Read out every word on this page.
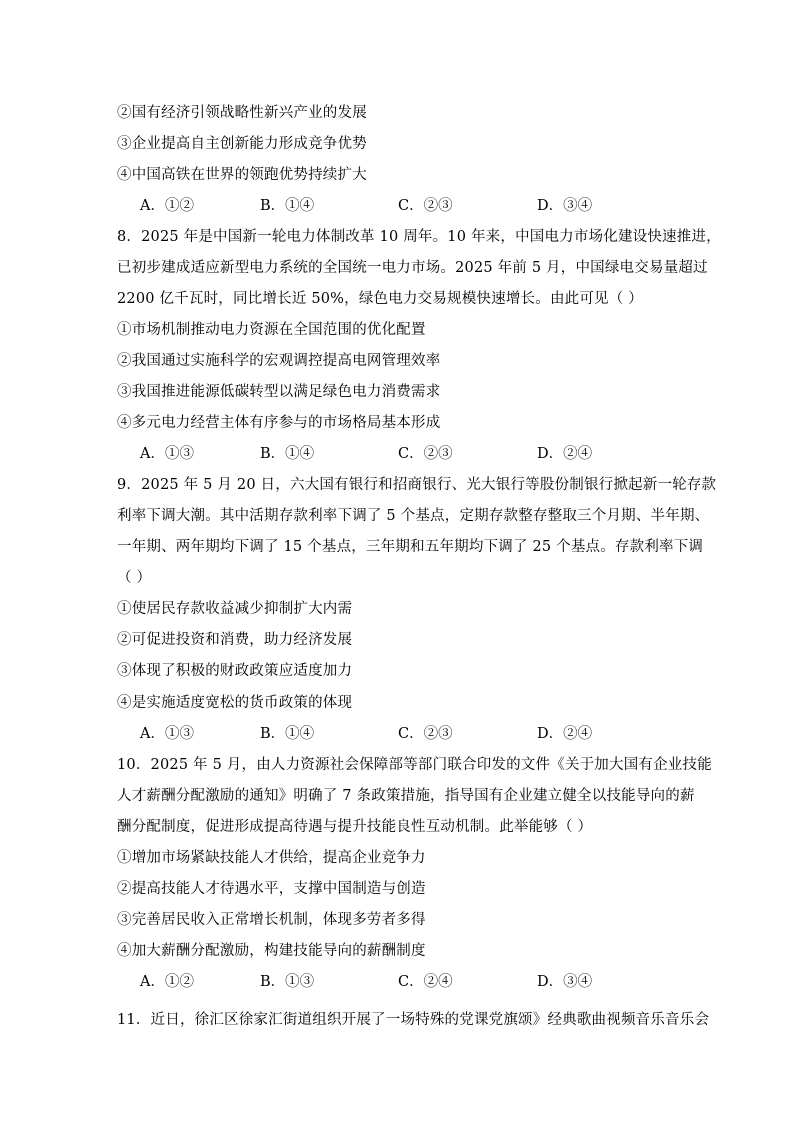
②国有经济引领战略性新兴产业的发展
③企业提高自主创新能力形成竞争优势
④中国高铁在世界的领跑优势持续扩大
A．①②	B．①④	C．②③	D．③④
8．2025 年是中国新一轮电力体制改革 10 周年。10 年来，中国电力市场化建设快速推进，
已初步建成适应新型电力系统的全国统一电力市场。2025 年前 5 月，中国绿电交易量超过
2200 亿千瓦时，同比增长近 50%，绿色电力交易规模快速增长。由此可见（ ）
①市场机制推动电力资源在全国范围的优化配置
②我国通过实施科学的宏观调控提高电网管理效率
③我国推进能源低碳转型以满足绿色电力消费需求
④多元电力经营主体有序参与的市场格局基本形成
A．①③	B．①④	C．②③	D．②④
9．2025 年 5 月 20 日，六大国有银行和招商银行、光大银行等股份制银行掀起新一轮存款
利率下调大潮。其中活期存款利率下调了 5 个基点，定期存款整存整取三个月期、半年期、
一年期、两年期均下调了 15 个基点，三年期和五年期均下调了 25 个基点。存款利率下调
（ ）
①使居民存款收益减少抑制扩大内需
②可促进投资和消费，助力经济发展
③体现了积极的财政政策应适度加力
④是实施适度宽松的货币政策的体现
A．①③	B．①④	C．②③	D．②④
10．2025 年 5 月，由人力资源社会保障部等部门联合印发的文件《关于加大国有企业技能
人才薪酬分配激励的通知》明确了 7 条政策措施，指导国有企业建立健全以技能导向的薪
酬分配制度，促进形成提高待遇与提升技能良性互动机制。此举能够（ ）
①增加市场紧缺技能人才供给，提高企业竞争力
②提高技能人才待遇水平，支撑中国制造与创造
③完善居民收入正常增长机制，体现多劳者多得
④加大薪酬分配激励，构建技能导向的薪酬制度
A．①②	B．①③	C．②④	D．③④
11．近日，徐汇区徐家汇街道组织开展了一场特殊的党课党旗颂》经典歌曲视频音乐音乐会
